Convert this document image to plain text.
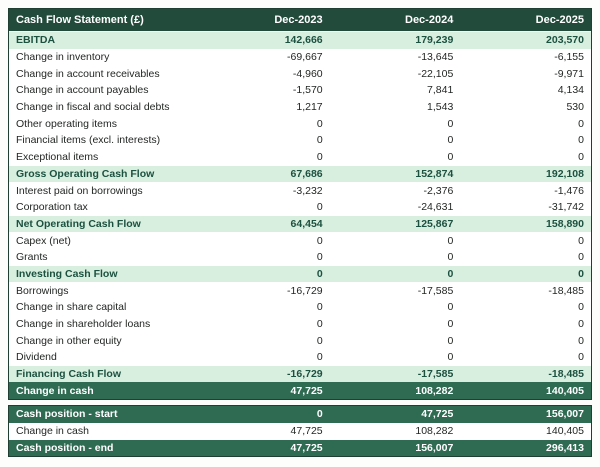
Cash Flow Statement (£)	Dec-2023	Dec-2024	Dec-2025
EBITDA	142,666	179,239	203,570
Change in inventory	-69,667	-13,645	-6,155
Change in account receivables	-4,960	-22,105	-9,971
Change in account payables	-1,570	7,841	4,134
Change in fiscal and social debts	1,217	1,543	530
Other operating items	0	0	0
Financial items (excl. interests)	0	0	0
Exceptional items	0	0	0
Gross Operating Cash Flow	67,686	152,874	192,108
Interest paid on borrowings	-3,232	-2,376	-1,476
Corporation tax	0	-24,631	-31,742
Net Operating Cash Flow	64,454	125,867	158,890
Capex (net)	0	0	0
Grants	0	0	0
Investing Cash Flow	0	0	0
Borrowings	-16,729	-17,585	-18,485
Change in share capital	0	0	0
Change in shareholder loans	0	0	0
Change in other equity	0	0	0
Dividend	0	0	0
Financing Cash Flow	-16,729	-17,585	-18,485
Change in cash	47,725	108,282	140,405
Cash position - start	0	47,725	156,007
Change in cash	47,725	108,282	140,405
Cash position - end	47,725	156,007	296,413
